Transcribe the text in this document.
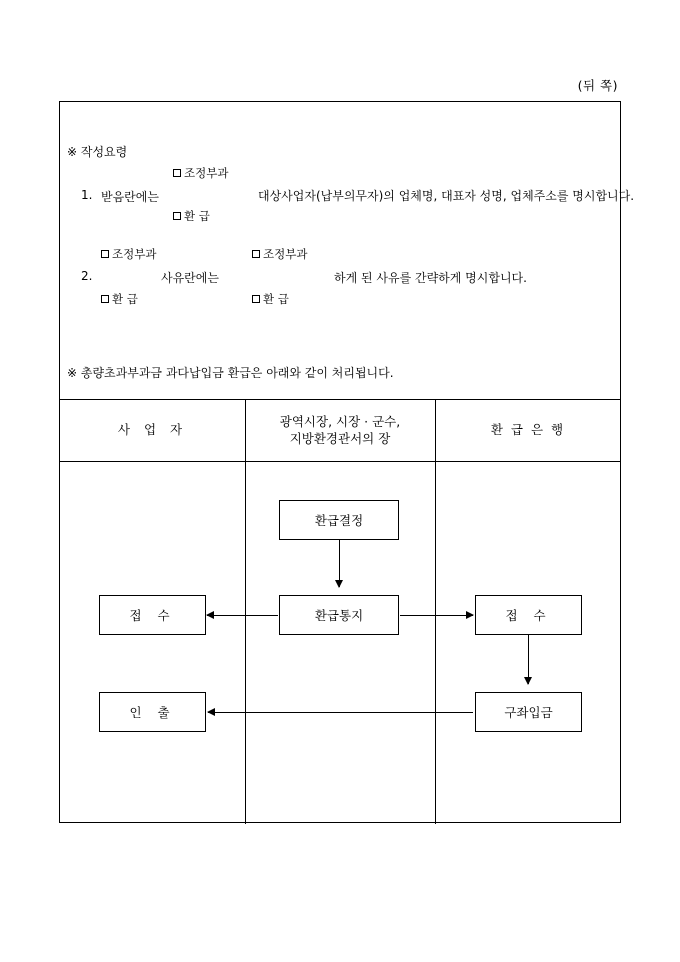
(뒤 쪽)
※ 작성요령
조정부과
1. 받음란에는	대상사업자(납부의무자)의 업체명, 대표자 성명, 업체주소를 명시합니다.
환 급
조정부과	조정부과
2.	사유란에는	하게 된 사유를 간략하게 명시합니다.
환 급	환 급
※ 총량초과부과금 과다납입금 환급은 아래와 같이 처리됩니다.
사 업 자
광역시장, 시장 · 군수,
지방환경관서의 장
환 급 은 행
환급결정
환급통지
접 수	접 수
구좌입금
인 출
